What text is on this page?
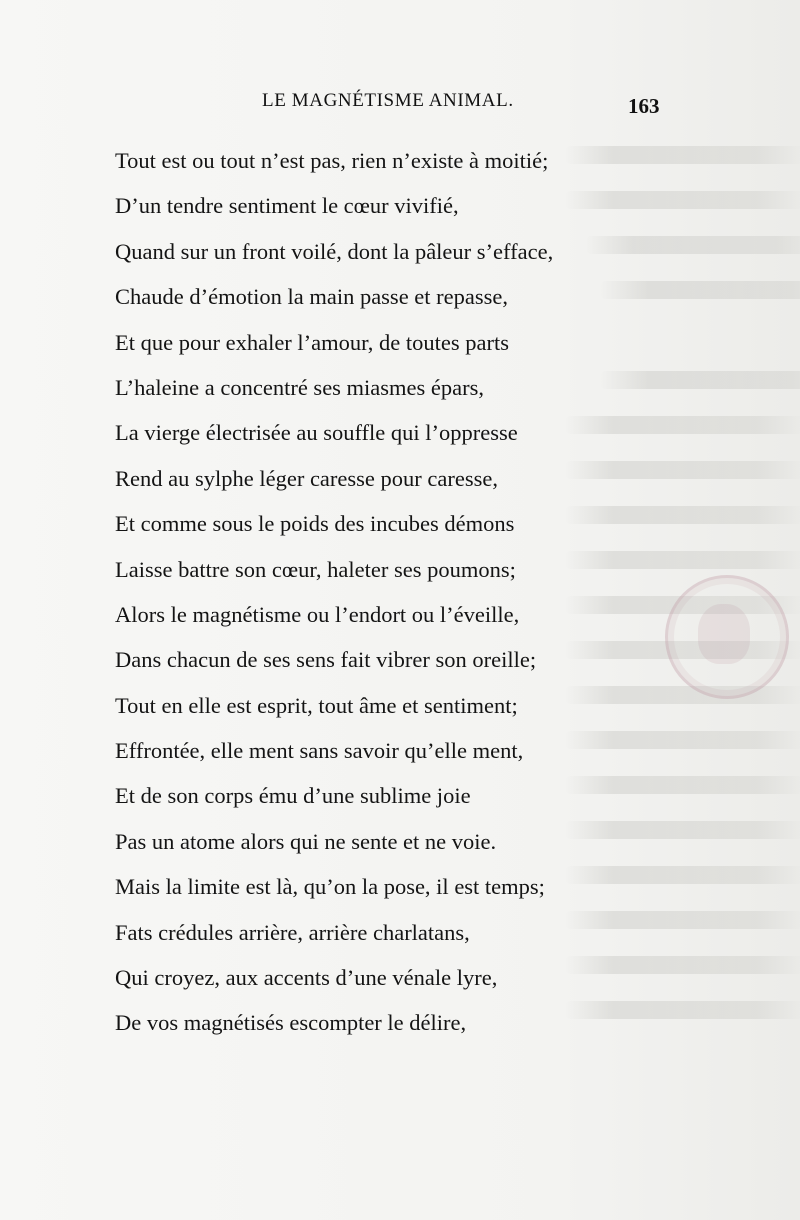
LE MAGNÉTISME ANIMAL.	163
Tout est ou tout n’est pas, rien n’existe à moitié;
D’un tendre sentiment le cœur vivifié,
Quand sur un front voilé, dont la pâleur s’efface,
Chaude d’émotion la main passe et repasse,
Et que pour exhaler l’amour, de toutes parts
L’haleine a concentré ses miasmes épars,
La vierge électrisée au souffle qui l’oppresse
Rend au sylphe léger caresse pour caresse,
Et comme sous le poids des incubes démons
Laisse battre son cœur, haleter ses poumons;
Alors le magnétisme ou l’endort ou l’éveille,
Dans chacun de ses sens fait vibrer son oreille;
Tout en elle est esprit, tout âme et sentiment;
Effrontée, elle ment sans savoir qu’elle ment,
Et de son corps ému d’une sublime joie
Pas un atome alors qui ne sente et ne voie.
Mais la limite est là, qu’on la pose, il est temps;
Fats crédules arrière, arrière charlatans,
Qui croyez, aux accents d’une vénale lyre,
De vos magnétisés escompter le délire,
